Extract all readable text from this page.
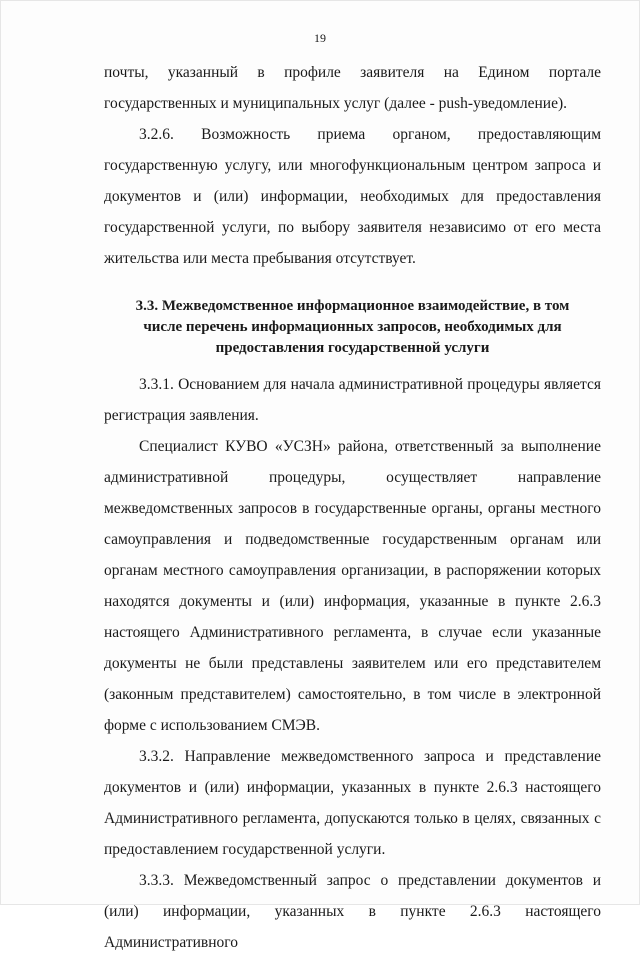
19

почты, указанный в профиле заявителя на Едином портале государственных и муниципальных услуг (далее - push-уведомление).

3.2.6. Возможность приема органом, предоставляющим государственную услугу, или многофункциональным центром запроса и документов и (или) информации, необходимых для предоставления государственной услуги, по выбору заявителя независимо от его места жительства или места пребывания отсутствует.

3.3. Межведомственное информационное взаимодействие, в том
числе перечень информационных запросов, необходимых для
предоставления государственной услуги

3.3.1. Основанием для начала административной процедуры является регистрация заявления.

Специалист КУВО «УСЗН» района, ответственный за выполнение административной процедуры, осуществляет направление межведомственных запросов в государственные органы, органы местного самоуправления и подведомственные государственным органам или органам местного самоуправления организации, в распоряжении которых находятся документы и (или) информация, указанные в пункте 2.6.3 настоящего Административного регламента, в случае если указанные документы не были представлены заявителем или его представителем (законным представителем) самостоятельно, в том числе в электронной форме с использованием СМЭВ.

3.3.2. Направление межведомственного запроса и представление документов и (или) информации, указанных в пункте 2.6.3 настоящего Административного регламента, допускаются только в целях, связанных с предоставлением государственной услуги.

3.3.3. Межведомственный запрос о представлении документов и (или) информации, указанных в пункте 2.6.3 настоящего Административного
